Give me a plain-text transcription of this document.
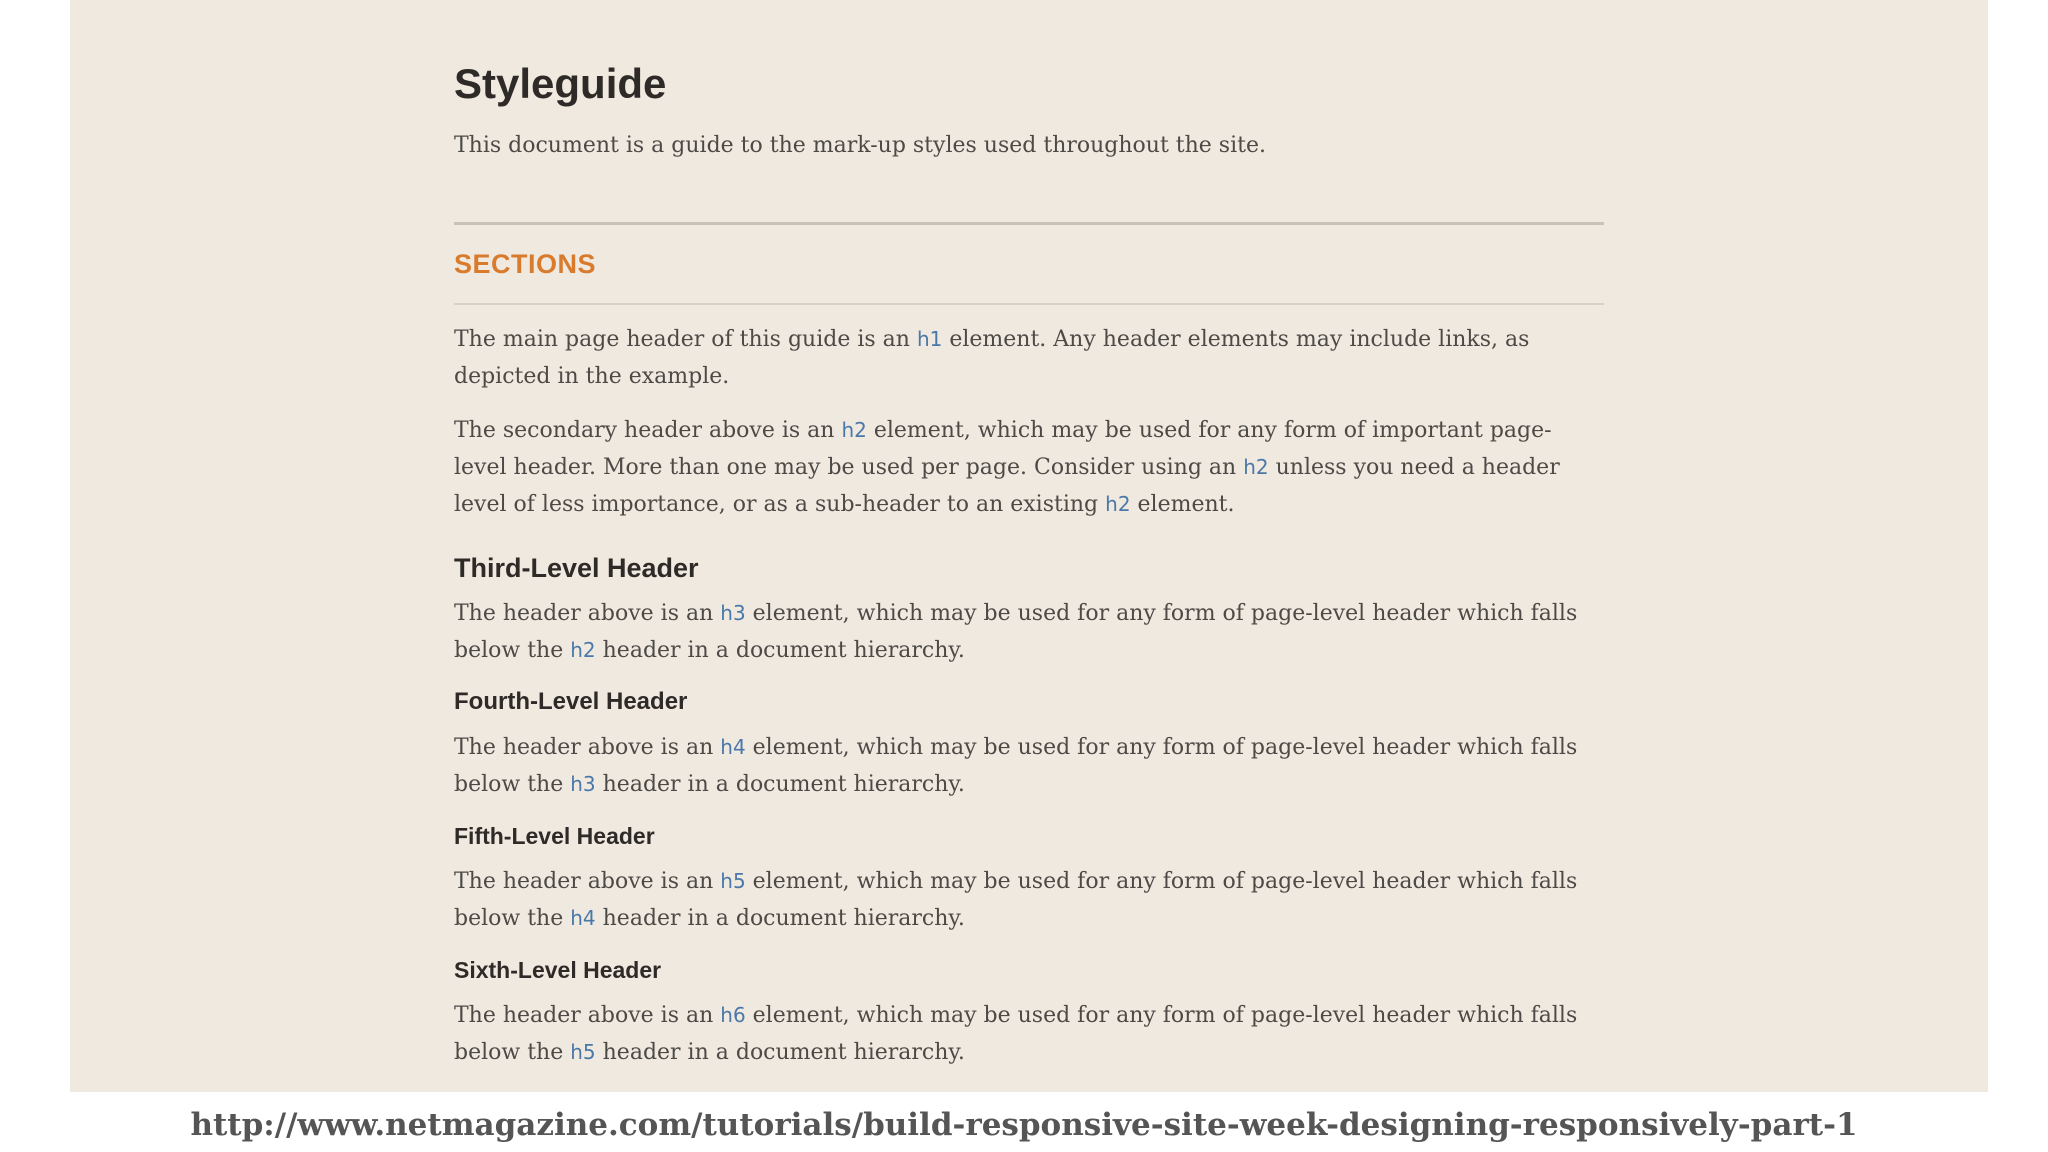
Styleguide

This document is a guide to the mark-up styles used throughout the site.

SECTIONS

The main page header of this guide is an h1 element. Any header elements may include links, as depicted in the example.

The secondary header above is an h2 element, which may be used for any form of important page-level header. More than one may be used per page. Consider using an h2 unless you need a header level of less importance, or as a sub-header to an existing h2 element.

Third-Level Header

The header above is an h3 element, which may be used for any form of page-level header which falls below the h2 header in a document hierarchy.

Fourth-Level Header

The header above is an h4 element, which may be used for any form of page-level header which falls below the h3 header in a document hierarchy.

Fifth-Level Header

The header above is an h5 element, which may be used for any form of page-level header which falls below the h4 header in a document hierarchy.

Sixth-Level Header

The header above is an h6 element, which may be used for any form of page-level header which falls below the h5 header in a document hierarchy.

http://www.netmagazine.com/tutorials/build-responsive-site-week-designing-responsively-part-1
